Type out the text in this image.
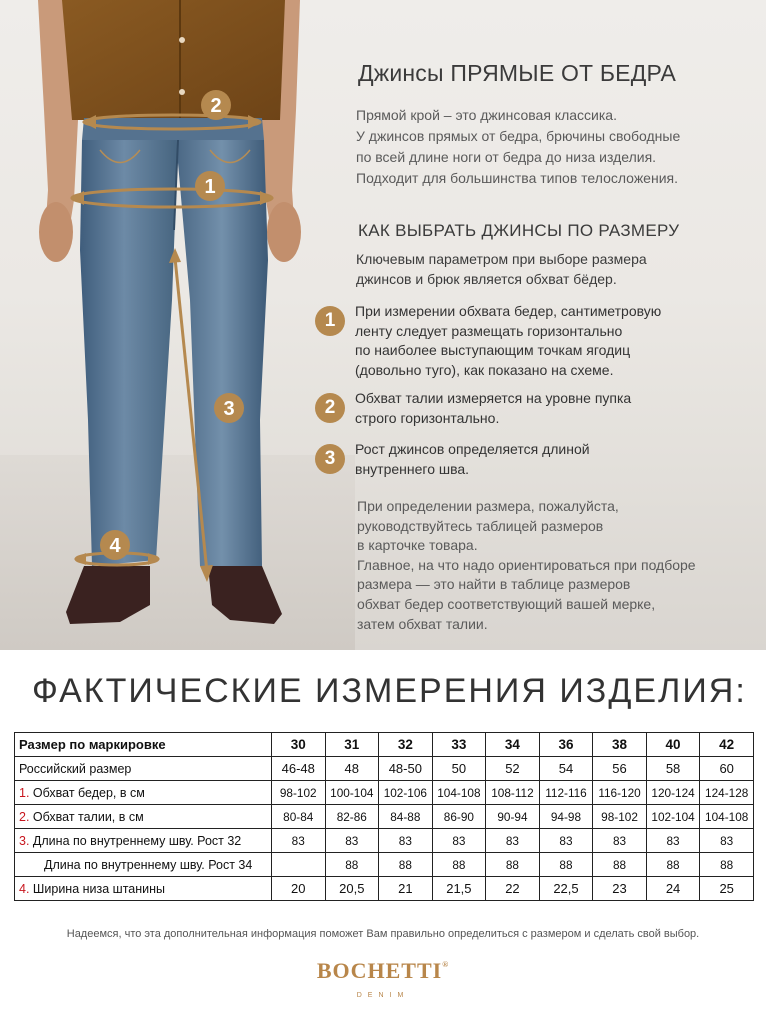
2
1
3
4
Джинсы ПРЯМЫЕ ОТ БЕДРА
Прямой крой – это джинсовая классика.
У джинсов прямых от бедра, брючины свободные
по всей длине ноги от бедра до низа изделия.
Подходит для большинства типов телосложения.
КАК ВЫБРАТЬ ДЖИНСЫ ПО РАЗМЕРУ
Ключевым параметром при выборе размера
джинсов и брюк является обхват бёдер.
1	При измерении обхвата бедер, сантиметровую
ленту следует размещать горизонтально
по наиболее выступающим точкам ягодиц
(довольно туго), как показано на схеме.
2	Обхват талии измеряется на уровне пупка
строго горизонтально.
3	Рост джинсов определяется длиной
внутреннего шва.
При определении размера, пожалуйста,
руководствуйтесь таблицей размеров
в карточке товара.
Главное, на что надо ориентироваться при подборе
размера — это найти в таблице размеров
обхват бедер соответствующий вашей мерке,
затем обхват талии.
ФАКТИЧЕСКИЕ ИЗМЕРЕНИЯ ИЗДЕЛИЯ:
Размер по маркировке	30	31	32	33	34	36	38	40	42
Российский размер	46-48	48	48-50	50	52	54	56	58	60
1. Обхват бедер, в см	98-102	100-104	102-106	104-108	108-112	112-116	116-120	120-124	124-128
2. Обхват талии, в см	80-84	82-86	84-88	86-90	90-94	94-98	98-102	102-104	104-108
3. Длина по внутреннему шву. Рост 32	83	83	83	83	83	83	83	83	83
Длина по внутреннему шву. Рост 34		88	88	88	88	88	88	88	88
4. Ширина низа штанины	20	20,5	21	21,5	22	22,5	23	24	25
Надеемся, что эта дополнительная информация поможет Вам правильно определиться с размером и сделать свой выбор.
BOCHETTI®
DENIM
